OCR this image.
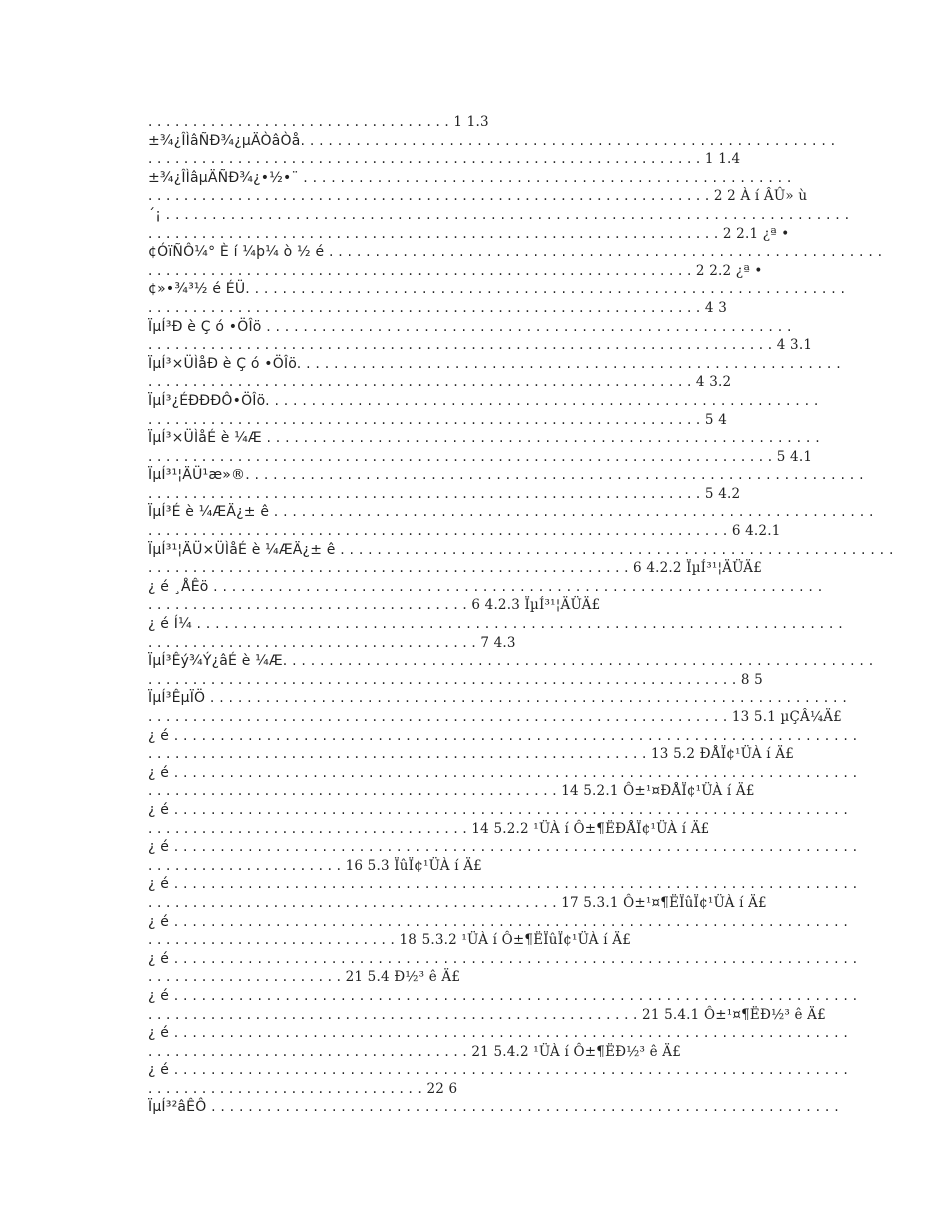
. . . . . . . . . . . . . . . . . . . . . . . . . . . . . . . . . . 1 1.3
±¾¿ÎÌâÑÐ¾¿µÄÒâÒå. . . . . . . . . . . . . . . . . . . . . . . . . . . . . . . . . . . . . . . . . . . . . . . . . . . . . . . . . .
. . . . . . . . . . . . . . . . . . . . . . . . . . . . . . . . . . . . . . . . . . . . . . . . . . . . . . . . . . . . . . 1 1.4
±¾¿ÎÌâµÄÑÐ¾¿•½•¨ . . . . . . . . . . . . . . . . . . . . . . . . . . . . . . . . . . . . . . . . . . . . . . . . . . . . .
. . . . . . . . . . . . . . . . . . . . . . . . . . . . . . . . . . . . . . . . . . . . . . . . . . . . . . . . . . . . . . . 2 2 À í ÂÛ» ù
´¡ . . . . . . . . . . . . . . . . . . . . . . . . . . . . . . . . . . . . . . . . . . . . . . . . . . . . . . . . . . . . . . . . . . . . . . . . . .
. . . . . . . . . . . . . . . . . . . . . . . . . . . . . . . . . . . . . . . . . . . . . . . . . . . . . . . . . . . . . . . . 2 2.1 ¿ª •
¢ÓïÑÔ¼° È í ¼þ¼ ò ½ é . . . . . . . . . . . . . . . . . . . . . . . . . . . . . . . . . . . . . . . . . . . . . . . . . . . . . . . . . . . .
. . . . . . . . . . . . . . . . . . . . . . . . . . . . . . . . . . . . . . . . . . . . . . . . . . . . . . . . . . . . . 2 2.2 ¿ª •
¢»•¾³½ é ÉÜ. . . . . . . . . . . . . . . . . . . . . . . . . . . . . . . . . . . . . . . . . . . . . . . . . . . . . . . . . . . . . . . . .
. . . . . . . . . . . . . . . . . . . . . . . . . . . . . . . . . . . . . . . . . . . . . . . . . . . . . . . . . . . . . . 4 3
ÏµÍ³Ð è Ç ó •ÖÎö . . . . . . . . . . . . . . . . . . . . . . . . . . . . . . . . . . . . . . . . . . . . . . . . . . . . . . . . .
. . . . . . . . . . . . . . . . . . . . . . . . . . . . . . . . . . . . . . . . . . . . . . . . . . . . . . . . . . . . . . . . . . . . . . 4 3.1
ÏµÍ³×ÜÌåÐ è Ç ó •ÖÎö. . . . . . . . . . . . . . . . . . . . . . . . . . . . . . . . . . . . . . . . . . . . . . . . . . . . . . . . . . .
. . . . . . . . . . . . . . . . . . . . . . . . . . . . . . . . . . . . . . . . . . . . . . . . . . . . . . . . . . . . . 4 3.2
ÏµÍ³¿ÉÐÐÐÔ•ÖÎö. . . . . . . . . . . . . . . . . . . . . . . . . . . . . . . . . . . . . . . . . . . . . . . . . . . . . . . . . . . .
. . . . . . . . . . . . . . . . . . . . . . . . . . . . . . . . . . . . . . . . . . . . . . . . . . . . . . . . . . . . . . 5 4
ÏµÍ³×ÜÌåÉ è ¼Æ . . . . . . . . . . . . . . . . . . . . . . . . . . . . . . . . . . . . . . . . . . . . . . . . . . . . . . . . . . . .
. . . . . . . . . . . . . . . . . . . . . . . . . . . . . . . . . . . . . . . . . . . . . . . . . . . . . . . . . . . . . . . . . . . . . . 5 4.1
ÏµÍ³¹¦ÄÜ¹æ»®. . . . . . . . . . . . . . . . . . . . . . . . . . . . . . . . . . . . . . . . . . . . . . . . . . . . . . . . . . . . . . . . . . .
. . . . . . . . . . . . . . . . . . . . . . . . . . . . . . . . . . . . . . . . . . . . . . . . . . . . . . . . . . . . . . 5 4.2
ÏµÍ³É è ¼ÆÄ¿± ê . . . . . . . . . . . . . . . . . . . . . . . . . . . . . . . . . . . . . . . . . . . . . . . . . . . . . . . . . . . . . . . . .
. . . . . . . . . . . . . . . . . . . . . . . . . . . . . . . . . . . . . . . . . . . . . . . . . . . . . . . . . . . . . . . . . 6 4.2.1
ÏµÍ³¹¦ÄÜ×ÜÌåÉ è ¼ÆÄ¿± ê . . . . . . . . . . . . . . . . . . . . . . . . . . . . . . . . . . . . . . . . . . . . . . . . . . . . . . . . . . . .
. . . . . . . . . . . . . . . . . . . . . . . . . . . . . . . . . . . . . . . . . . . . . . . . . . . . . . 6 4.2.2 ÏµÍ³¹¦ÄÜÄ£
¿ é ¸ÅÊö . . . . . . . . . . . . . . . . . . . . . . . . . . . . . . . . . . . . . . . . . . . . . . . . . . . . . . . . . . . . . . . . . .
. . . . . . . . . . . . . . . . . . . . . . . . . . . . . . . . . . . . 6 4.2.3 ÏµÍ³¹¦ÄÜÄ£
¿ é Í¼ . . . . . . . . . . . . . . . . . . . . . . . . . . . . . . . . . . . . . . . . . . . . . . . . . . . . . . . . . . . . . . . . . . . . . .
. . . . . . . . . . . . . . . . . . . . . . . . . . . . . . . . . . . . . 7 4.3
ÏµÍ³Êý¾Ý¿âÉ è ¼Æ. . . . . . . . . . . . . . . . . . . . . . . . . . . . . . . . . . . . . . . . . . . . . . . . . . . . . . . . . . . . . . . .
. . . . . . . . . . . . . . . . . . . . . . . . . . . . . . . . . . . . . . . . . . . . . . . . . . . . . . . . . . . . . . . . . . 8 5
ÏµÍ³ÊµÏÖ . . . . . . . . . . . . . . . . . . . . . . . . . . . . . . . . . . . . . . . . . . . . . . . . . . . . . . . . . . . . . . . . . . . . .
. . . . . . . . . . . . . . . . . . . . . . . . . . . . . . . . . . . . . . . . . . . . . . . . . . . . . . . . . . . . . . . . . 13 5.1 µÇÂ¼Ä£
¿ é . . . . . . . . . . . . . . . . . . . . . . . . . . . . . . . . . . . . . . . . . . . . . . . . . . . . . . . . . . . . . . . . . . . . . . . . . .
. . . . . . . . . . . . . . . . . . . . . . . . . . . . . . . . . . . . . . . . . . . . . . . . . . . . . . . . 13 5.2 ÐÅÏ¢¹ÜÀ í Ä£
¿ é . . . . . . . . . . . . . . . . . . . . . . . . . . . . . . . . . . . . . . . . . . . . . . . . . . . . . . . . . . . . . . . . . . . . . . . . . .
. . . . . . . . . . . . . . . . . . . . . . . . . . . . . . . . . . . . . . . . . . . . . . 14 5.2.1 Ô±¹¤ÐÅÏ¢¹ÜÀ í Ä£
¿ é . . . . . . . . . . . . . . . . . . . . . . . . . . . . . . . . . . . . . . . . . . . . . . . . . . . . . . . . . . . . . . . . . . . . . . . . .
. . . . . . . . . . . . . . . . . . . . . . . . . . . . . . . . . . . . 14 5.2.2 ¹ÜÀ í Ô±¶ËÐÅÏ¢¹ÜÀ í Ä£
¿ é . . . . . . . . . . . . . . . . . . . . . . . . . . . . . . . . . . . . . . . . . . . . . . . . . . . . . . . . . . . . . . . . . . . . . . . . . .
. . . . . . . . . . . . . . . . . . . . . . 16 5.3 ÏûÏ¢¹ÜÀ í Ä£
¿ é . . . . . . . . . . . . . . . . . . . . . . . . . . . . . . . . . . . . . . . . . . . . . . . . . . . . . . . . . . . . . . . . . . . . . . . . . .
. . . . . . . . . . . . . . . . . . . . . . . . . . . . . . . . . . . . . . . . . . . . . . 17 5.3.1 Ô±¹¤¶ËÏûÏ¢¹ÜÀ í Ä£
¿ é . . . . . . . . . . . . . . . . . . . . . . . . . . . . . . . . . . . . . . . . . . . . . . . . . . . . . . . . . . . . . . . . . . . . . . . . .
. . . . . . . . . . . . . . . . . . . . . . . . . . . . 18 5.3.2 ¹ÜÀ í Ô±¶ËÏûÏ¢¹ÜÀ í Ä£
¿ é . . . . . . . . . . . . . . . . . . . . . . . . . . . . . . . . . . . . . . . . . . . . . . . . . . . . . . . . . . . . . . . . . . . . . . . . . .
. . . . . . . . . . . . . . . . . . . . . . 21 5.4 Ð½³ ê Ä£
¿ é . . . . . . . . . . . . . . . . . . . . . . . . . . . . . . . . . . . . . . . . . . . . . . . . . . . . . . . . . . . . . . . . . . . . . . . . . .
. . . . . . . . . . . . . . . . . . . . . . . . . . . . . . . . . . . . . . . . . . . . . . . . . . . . . . . 21 5.4.1 Ô±¹¤¶ËÐ½³ ê Ä£
¿ é . . . . . . . . . . . . . . . . . . . . . . . . . . . . . . . . . . . . . . . . . . . . . . . . . . . . . . . . . . . . . . . . . . . . . . . . .
. . . . . . . . . . . . . . . . . . . . . . . . . . . . . . . . . . . . 21 5.4.2 ¹ÜÀ í Ô±¶ËÐ½³ ê Ä£
¿ é . . . . . . . . . . . . . . . . . . . . . . . . . . . . . . . . . . . . . . . . . . . . . . . . . . . . . . . . . . . . . . . . . . . . . . . . .
. . . . . . . . . . . . . . . . . . . . . . . . . . . . . . . 22 6
ÏµÍ³²âÊÔ . . . . . . . . . . . . . . . . . . . . . . . . . . . . . . . . . . . . . . . . . . . . . . . . . . . . . . . . . . . . . . . . . . . .
